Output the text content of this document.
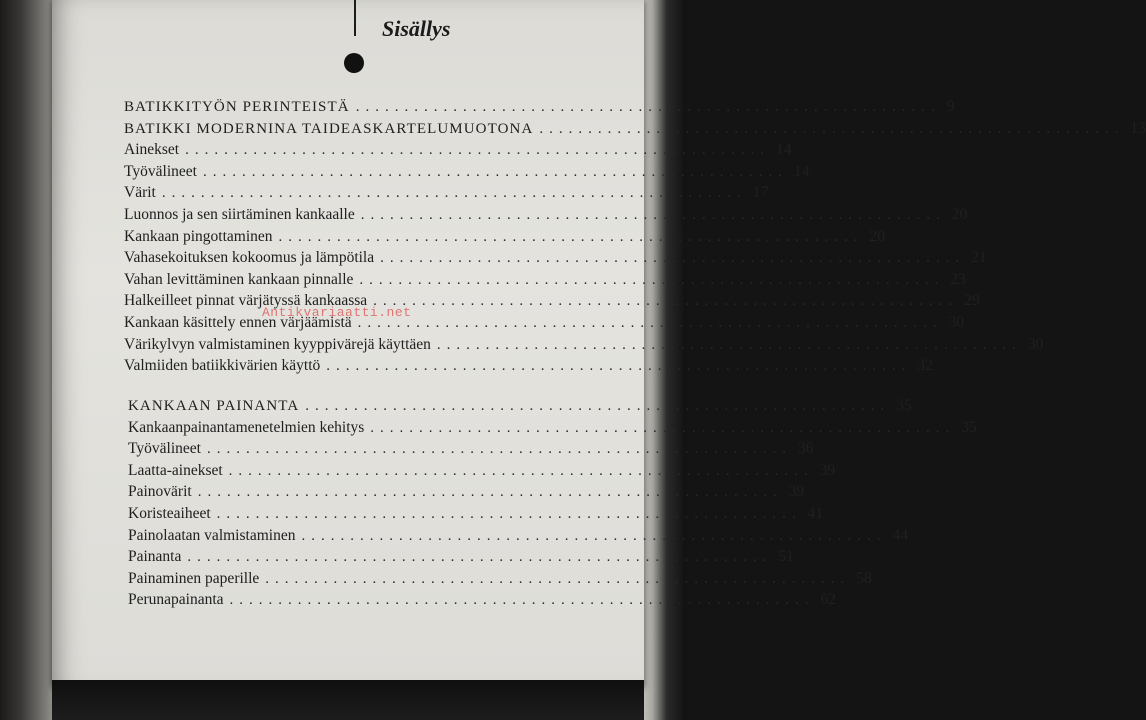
Sisällys
BATIKKITYÖN PERINTEISTÄ ............................................................ 9
BATIKKI MODERNINA TAIDEASKARTELUMUOTONA ............................................................ 13
Ainekset ............................................................ 14
Työvälineet ............................................................ 14
Värit ............................................................ 17
Luonnos ja sen siirtäminen kankaalle ............................................................ 20
Kankaan pingottaminen ............................................................ 20
Vahasekoituksen kokoomus ja lämpötila ............................................................ 21
Vahan levittäminen kankaan pinnalle ............................................................ 23
Halkeilleet pinnat värjätyssä kankaassa ............................................................ 29
Kankaan käsittely ennen värjäämistä ............................................................ 30
Värikylvyn valmistaminen kyyppivärejä käyttäen ............................................................ 30
Valmiiden batiikkivärien käyttö ............................................................ 32
KANKAAN PAINANTA ............................................................ 35
Kankaanpainantamenetelmien kehitys ............................................................ 35
Työvälineet ............................................................ 36
Laatta-ainekset ............................................................ 39
Painovärit ............................................................ 39
Koristeaiheet ............................................................ 41
Painolaatan valmistaminen ............................................................ 44
Painanta ............................................................ 51
Painaminen paperille ............................................................ 58
Perunapainanta ............................................................ 62
Antikvariaatti.net
